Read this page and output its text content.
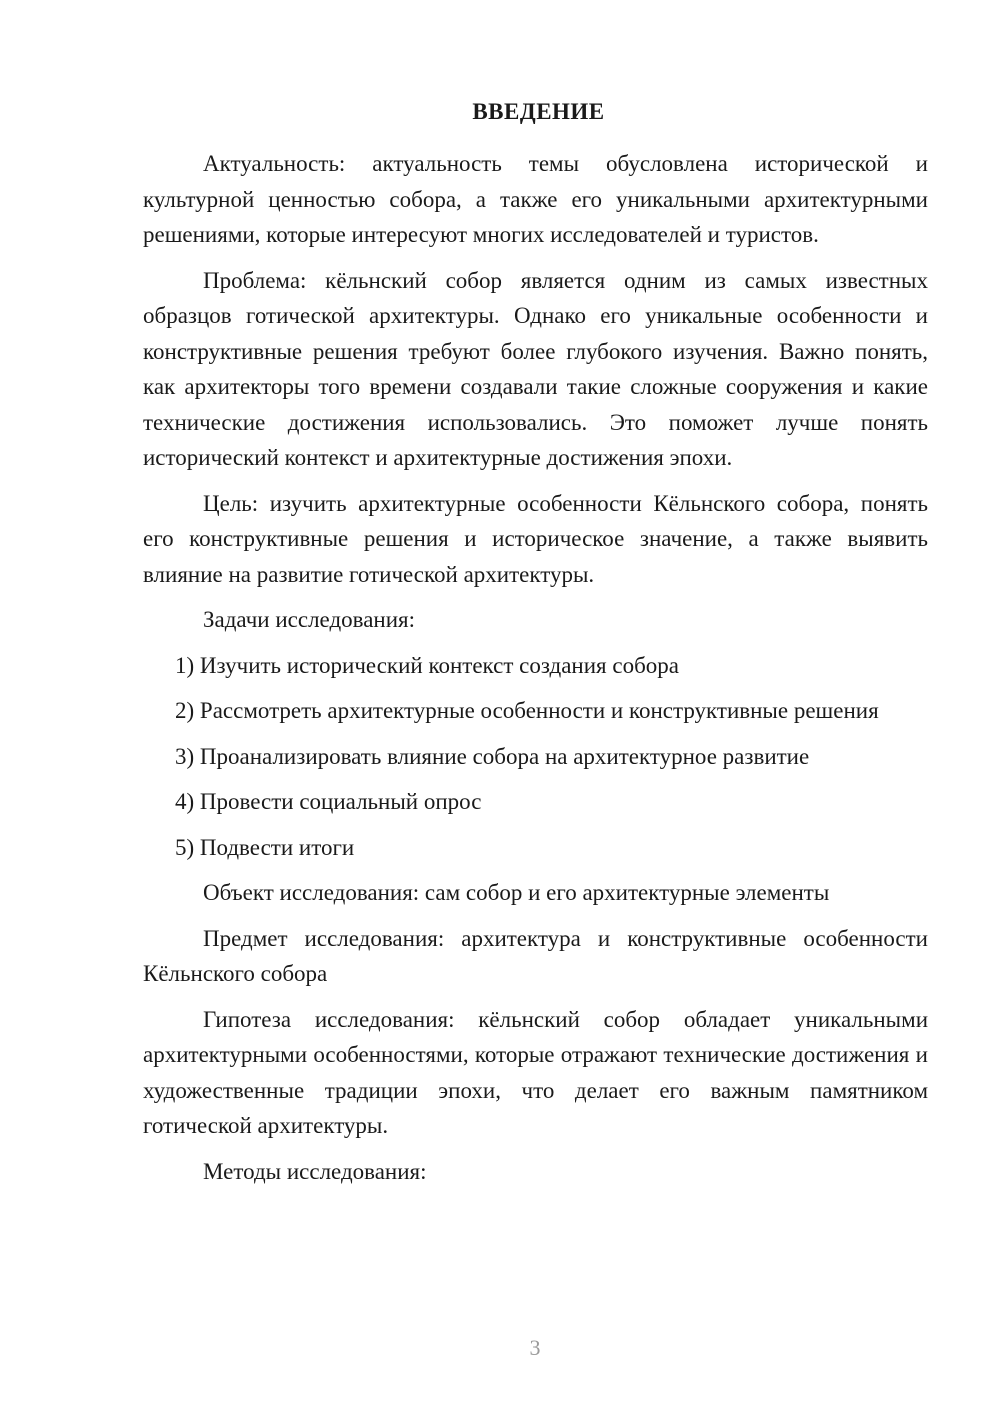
ВВЕДЕНИЕ

Актуальность: актуальность темы обусловлена исторической и культурной ценностью собора, а также его уникальными архитектурными решениями, которые интересуют многих исследователей и туристов.

Проблема: кёльнский собор является одним из самых известных образцов готической архитектуры. Однако его уникальные особенности и конструктивные решения требуют более глубокого изучения. Важно понять, как архитекторы того времени создавали такие сложные сооружения и какие технические достижения использовались. Это поможет лучше понять исторический контекст и архитектурные достижения эпохи.

Цель: изучить архитектурные особенности Кёльнского собора, понять его конструктивные решения и историческое значение, а также выявить влияние на развитие готической архитектуры.

Задачи исследования:

1) Изучить исторический контекст создания собора

2) Рассмотреть архитектурные особенности и конструктивные решения

3) Проанализировать влияние собора на архитектурное развитие

4) Провести социальный опрос

5) Подвести итоги

Объект исследования: сам собор и его архитектурные элементы

Предмет исследования: архитектура и конструктивные особенности Кёльнского собора

Гипотеза исследования: кёльнский собор обладает уникальными архитектурными особенностями, которые отражают технические достижения и художественные традиции эпохи, что делает его важным памятником готической архитектуры.

Методы исследования:

3
